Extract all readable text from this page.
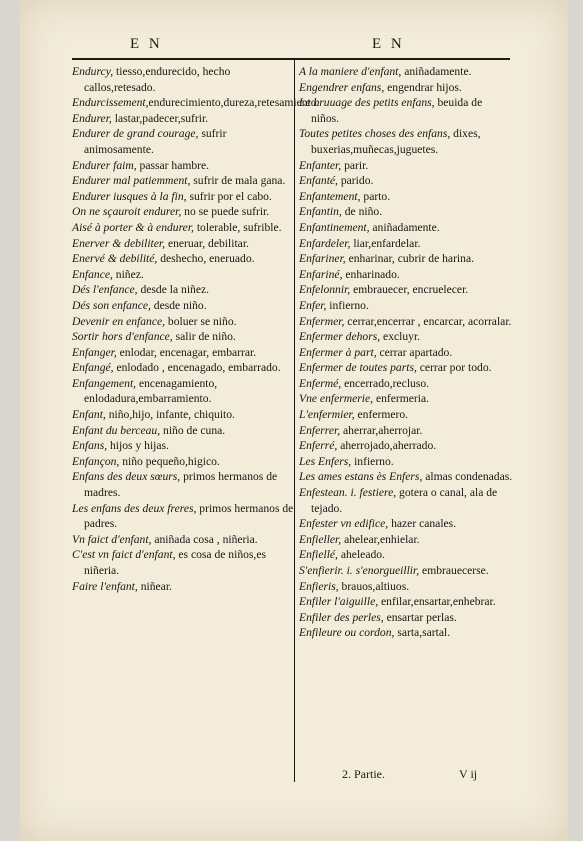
E N	E N

Endurcy, tiesso,endurecido, hecho callos,retesado.

Endurcissement,endurecimiento,dureza,retesamiento.

Endurer, lastar,padecer,sufrir.

Endurer de grand courage, sufrir animosamente.

Endurer faim, passar hambre.

Endurer mal patiemment, sufrir de mala gana.

Endurer iusques à la fin, sufrir por el cabo.

On ne sçauroit endurer, no se puede sufrir.

Aisé à porter & à endurer, tolerable, sufrible.

Enerver & debiliter, eneruar, debilitar.

Enervé & debilité, deshecho, eneruado.

Enfance, niñez.

Dés l'enfance, desde la niñez.

Dés son enfance, desde niño.

Devenir en enfance, boluer se niño.

Sortir hors d'enfance, salir de niño.

Enfanger, enlodar, encenagar, embarrar.

Enfangé, enlodado , encenagado, embarrado.

Enfangement, encenagamiento, enlodadura,embarramiento.

Enfant, niño,hijo, infante, chiquito.

Enfant du berceau, niño de cuna.

Enfans, hijos y hijas.

Enfançon, niño pequeño,higico.

Enfans des deux sœurs, primos hermanos de madres.

Les enfans des deux freres, primos hermanos de padres.

Vn faict d'enfant, aniñada cosa , niñeria.

C'est vn faict d'enfant, es cosa de niños,es niñeria.

Faire l'enfant, niñear.

A la maniere d'enfant, aniñadamente.

Engendrer enfans, engendrar hijos.

Le bruuage des petits enfans, beuida de niños.

Toutes petites choses des enfans, dixes, buxerias,muñecas,juguetes.

Enfanter, parir.

Enfanté, parido.

Enfantement, parto.

Enfantin, de niño.

Enfantinement, aniñadamente.

Enfardeler, liar,enfardelar.

Enfariner, enharinar, cubrir de harina.

Enfariné, enharinado.

Enfelonnir, embrauecer, encruelecer.

Enfer, infierno.

Enfermer, cerrar,encerrar , encarcar, acorralar.

Enfermer dehors, excluyr.

Enfermer à part, cerrar apartado.

Enfermer de toutes parts, cerrar por todo.

Enfermé, encerrado,recluso.

Vne enfermerie, enfermeria.

L'enfermier, enfermero.

Enferrer, aherrar,aherrojar.

Enferré, aherrojado,aherrado.

Les Enfers, infierno.

Les ames estans ès Enfers, almas condenadas.

Enfestean. i. festiere, gotera o canal, ala de tejado.

Enfester vn edifice, hazer canales.

Enfieller, ahelear,enhielar.

Enfiellé, aheleado.

S'enfierir. i. s'enorgueillir, embrauecerse.

Enfieris, brauos,altiuos.

Enfiler l'aiguille, enfilar,ensartar,enhebrar.

Enfiler des perles, ensartar perlas.

Enfileure ou cordon, sarta,sartal.

2. Partie.	V ij
